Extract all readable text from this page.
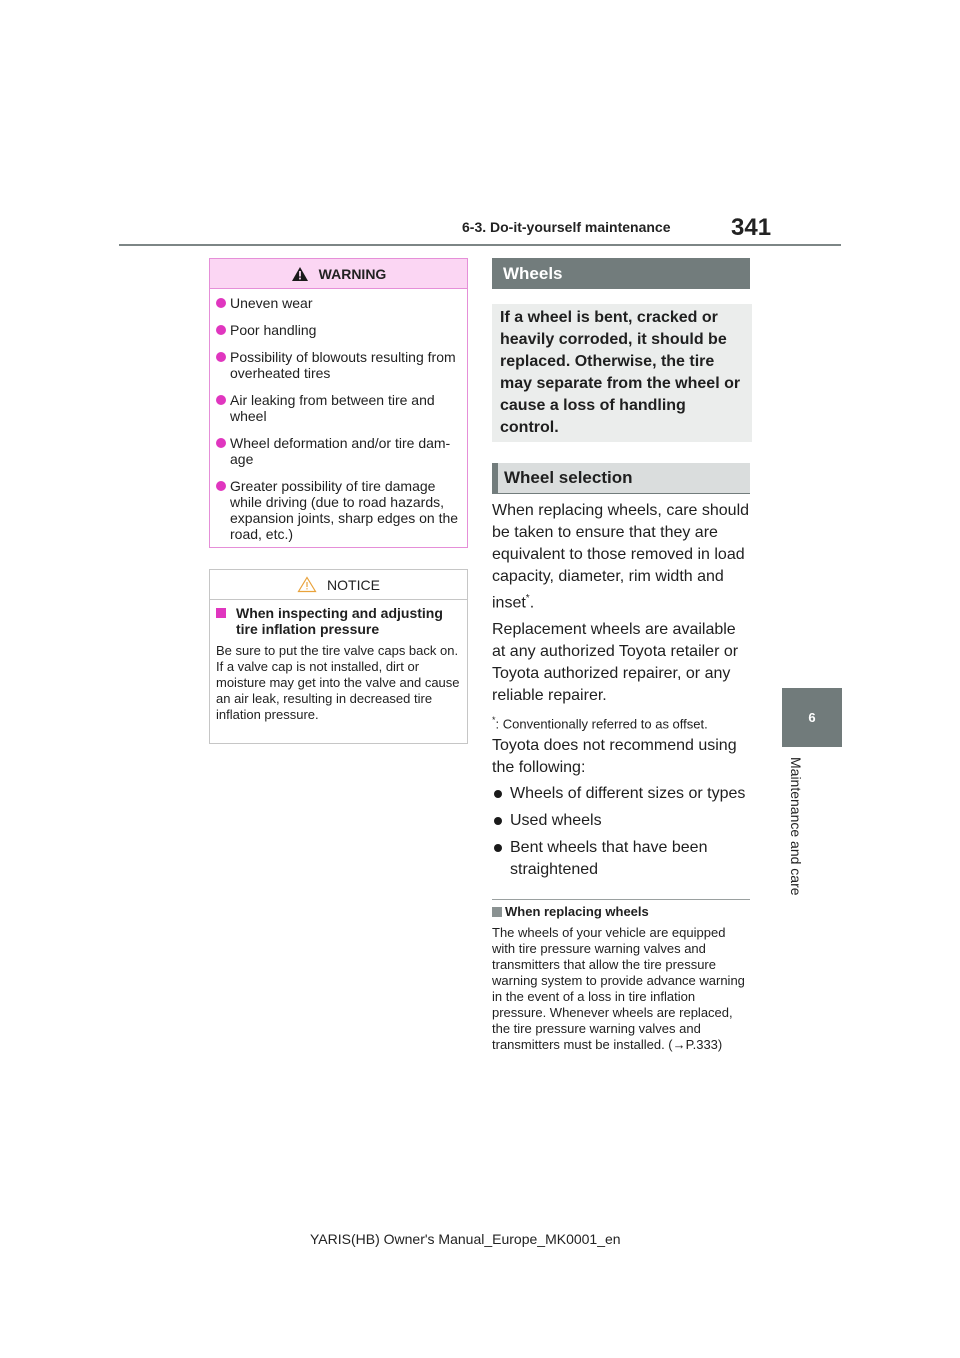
6-3. Do-it-yourself maintenance	341
6
Maintenance and care
WARNING
Uneven wear
Poor handling
Possibility of blowouts resulting from overheated tires
Air leaking from between tire and wheel
Wheel deformation and/or tire dam-age
Greater possibility of tire damage while driving (due to road hazards, expansion joints, sharp edges on the road, etc.)
NOTICE
When inspecting and adjusting tire inflation pressure
Be sure to put the tire valve caps back on. If a valve cap is not installed, dirt or moisture may get into the valve and cause an air leak, resulting in decreased tire inflation pressure.
Wheels
If a wheel is bent, cracked or heavily corroded, it should be replaced. Otherwise, the tire may separate from the wheel or cause a loss of handling control.
Wheel selection
When replacing wheels, care should be taken to ensure that they are equivalent to those removed in load capacity, diameter, rim width and inset*.
Replacement wheels are available at any authorized Toyota retailer or Toyota authorized repairer, or any reliable repairer.
*: Conventionally referred to as offset.
Toyota does not recommend using the following:
Wheels of different sizes or types
Used wheels
Bent wheels that have been straightened
When replacing wheels
The wheels of your vehicle are equipped with tire pressure warning valves and transmitters that allow the tire pressure warning system to provide advance warning in the event of a loss in tire inflation pressure. Whenever wheels are replaced, the tire pressure warning valves and transmitters must be installed. (→P.333)
YARIS(HB) Owner's Manual_Europe_MK0001_en
